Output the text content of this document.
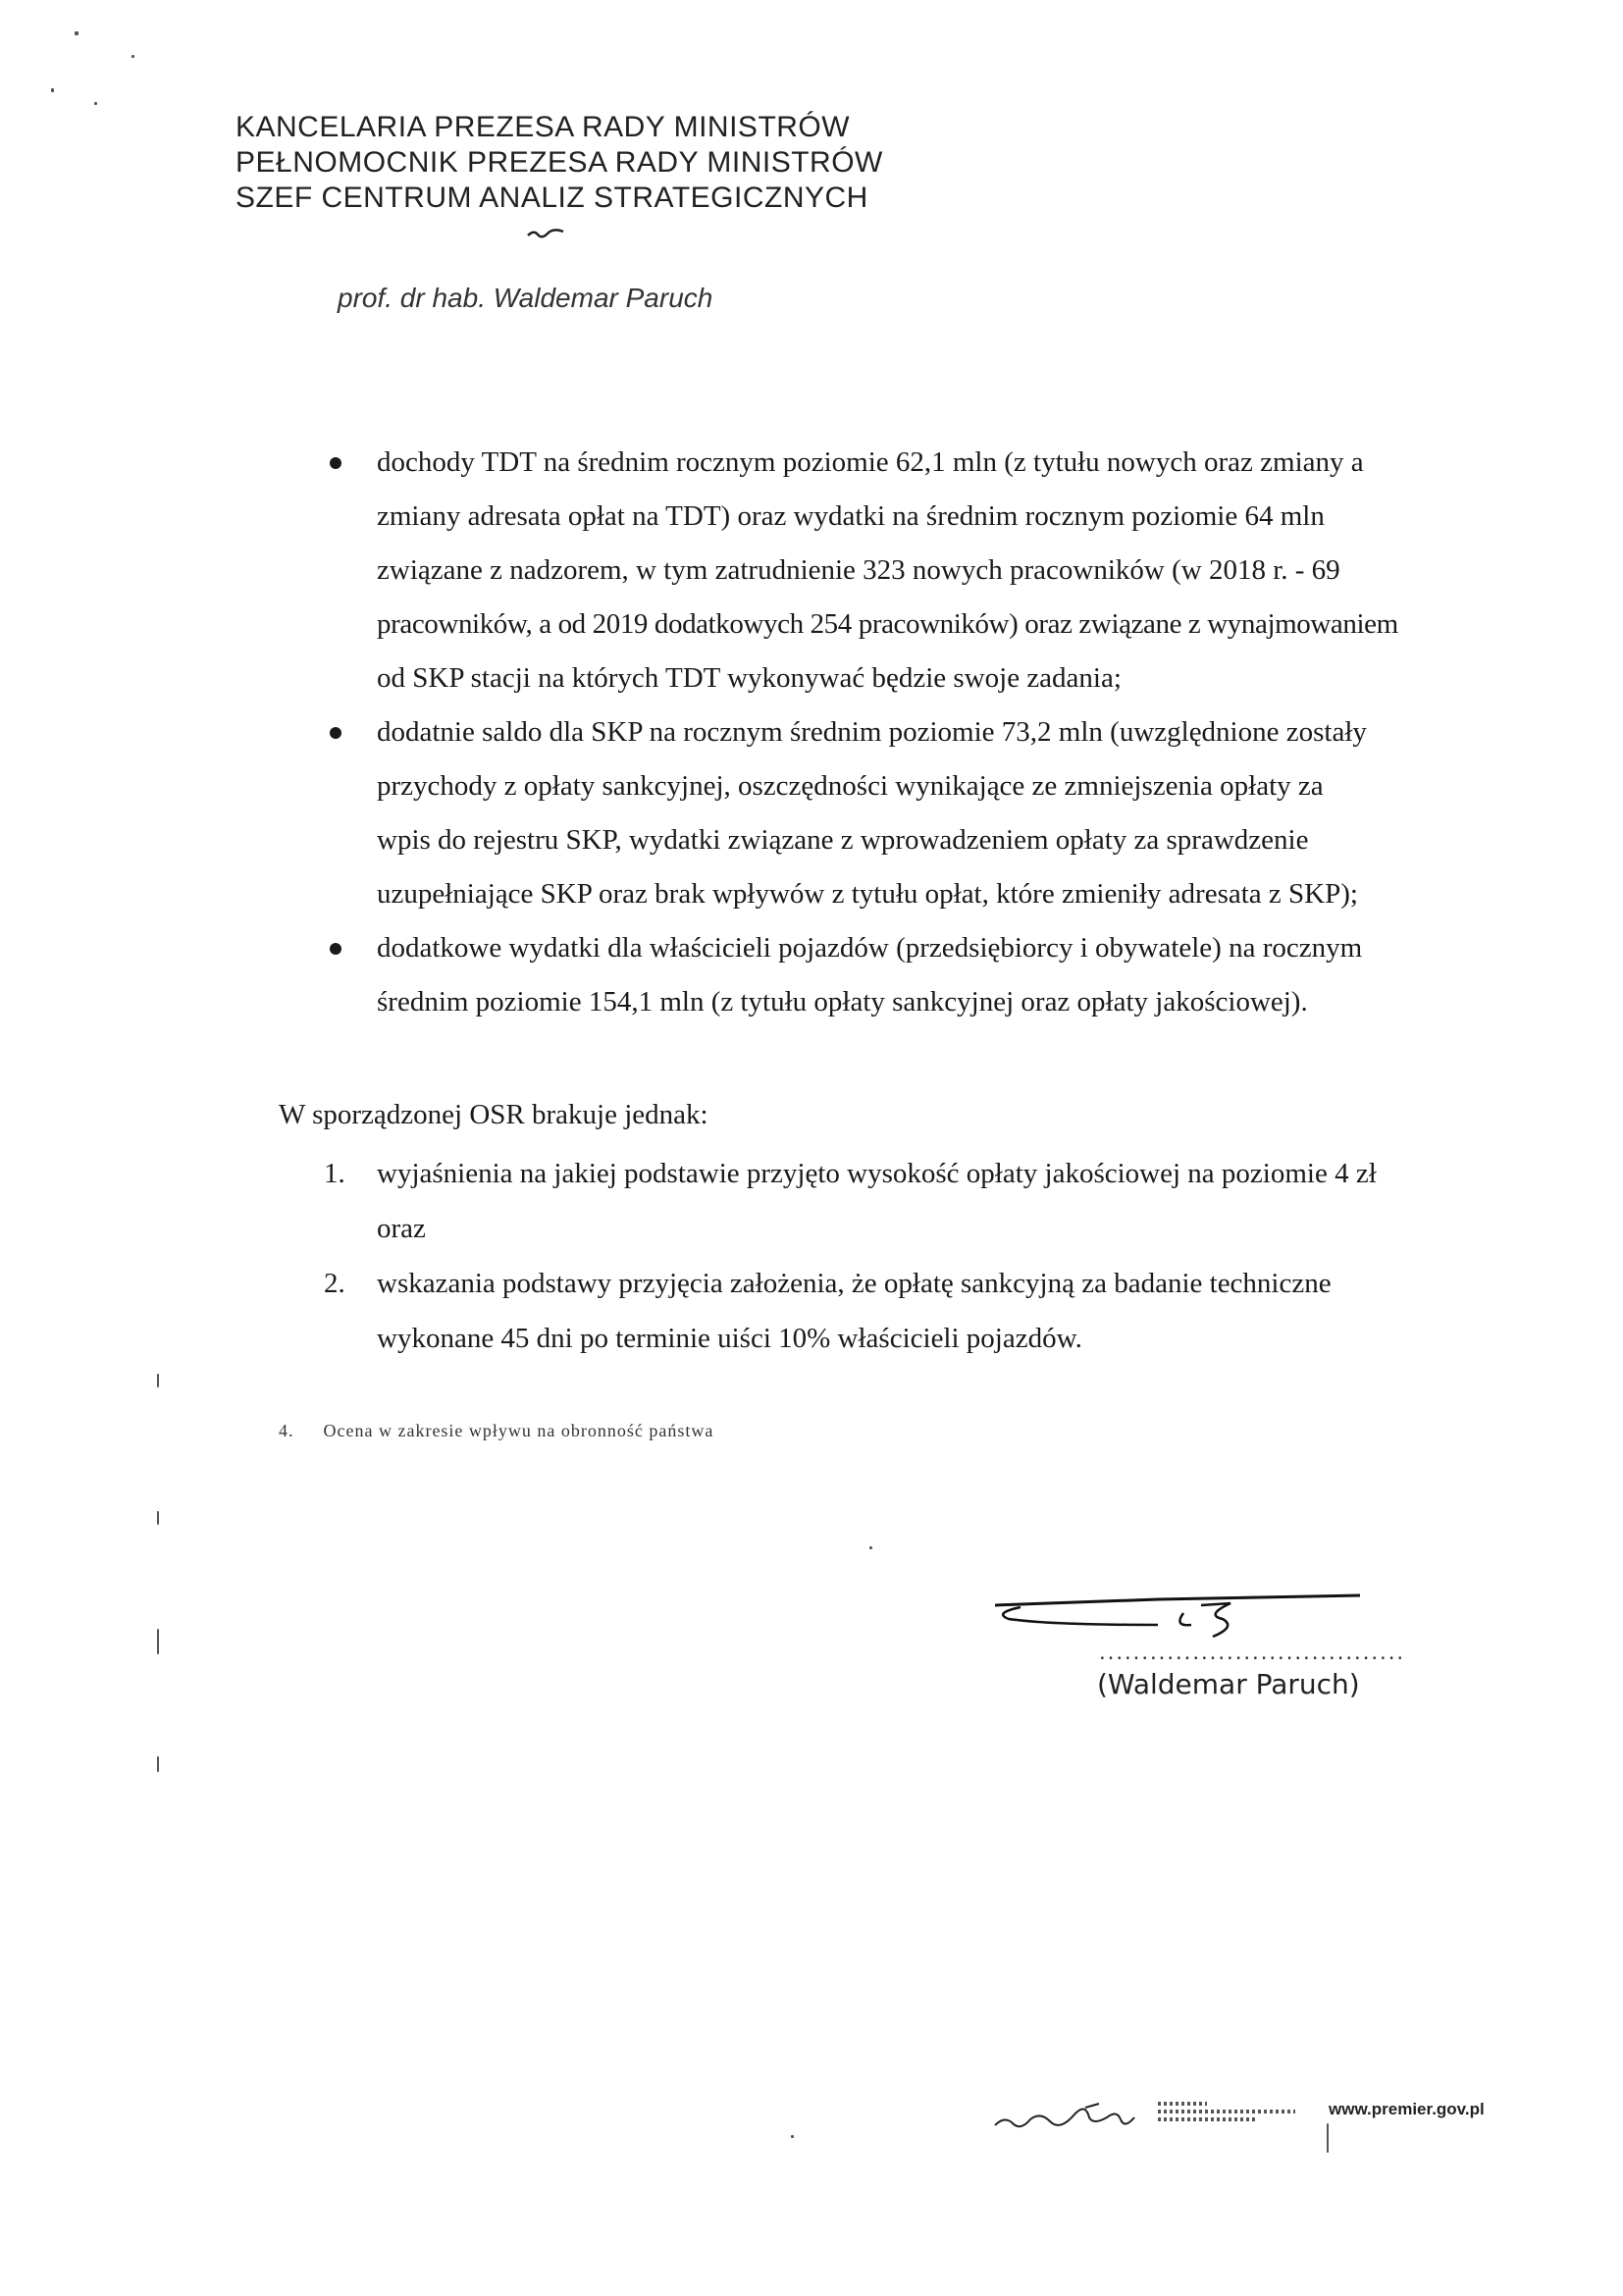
KANCELARIA PREZESA RADY MINISTRÓW
PEŁNOMOCNIK PREZESA RADY MINISTRÓW
SZEF CENTRUM ANALIZ STRATEGICZNYCH
prof. dr hab. Waldemar Paruch
dochody TDT na średnim rocznym poziomie 62,1 mln (z tytułu nowych oraz zmiany a
zmiany adresata opłat na TDT) oraz wydatki na średnim rocznym poziomie 64 mln
związane z nadzorem, w tym zatrudnienie 323 nowych pracowników (w 2018 r. - 69
pracowników, a od 2019 dodatkowych 254 pracowników) oraz związane z wynajmowaniem
od SKP stacji na których TDT wykonywać będzie swoje zadania;
dodatnie saldo dla SKP na rocznym średnim poziomie 73,2 mln (uwzględnione zostały
przychody z opłaty sankcyjnej, oszczędności wynikające ze zmniejszenia opłaty za
wpis do rejestru SKP, wydatki związane z wprowadzeniem opłaty za sprawdzenie
uzupełniające SKP oraz brak wpływów z tytułu opłat, które zmieniły adresata z SKP);
dodatkowe wydatki dla właścicieli pojazdów (przedsiębiorcy i obywatele) na rocznym
średnim poziomie 154,1 mln (z tytułu opłaty sankcyjnej oraz opłaty jakościowej).
W sporządzonej OSR brakuje jednak:
1. wyjaśnienia na jakiej podstawie przyjęto wysokość opłaty jakościowej na poziomie 4 zł
oraz
2. wskazania podstawy przyjęcia założenia, że opłatę sankcyjną za badanie techniczne
wykonane 45 dni po terminie uiści 10% właścicieli pojazdów.
4. Ocena w zakresie wpływu na obronność państwa
....................................
(Waldemar Paruch)
www.premier.gov.pl
